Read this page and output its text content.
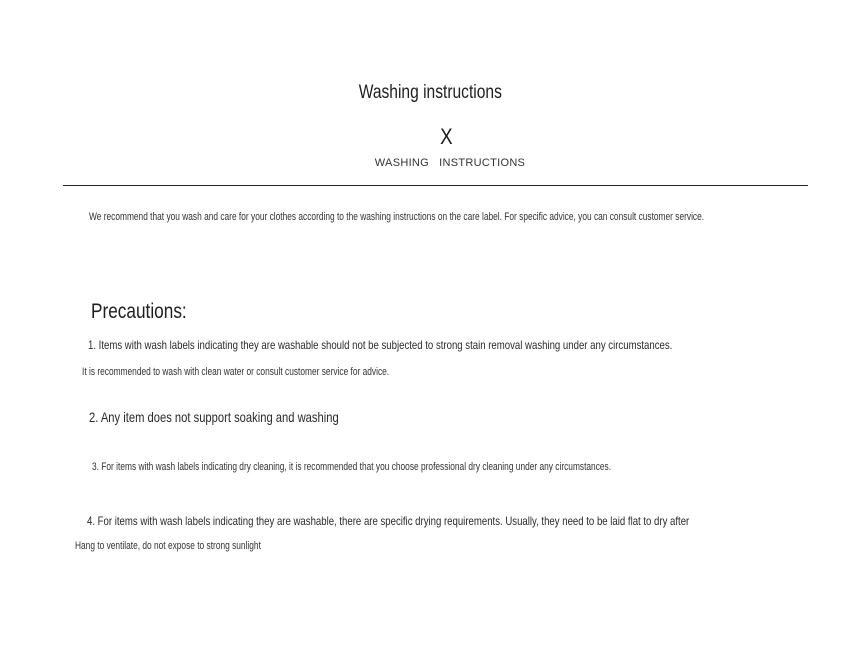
Washing instructions
X
WASHING   INSTRUCTIONS
We recommend that you wash and care for your clothes according to the washing instructions on the care label. For specific advice, you can consult customer service.
Precautions:
1. Items with wash labels indicating they are washable should not be subjected to strong stain removal washing under any circumstances.
It is recommended to wash with clean water or consult customer service for advice.
2. Any item does not support soaking and washing
3. For items with wash labels indicating dry cleaning, it is recommended that you choose professional dry cleaning under any circumstances.
4. For items with wash labels indicating they are washable, there are specific drying requirements. Usually, they need to be laid flat to dry after
Hang to ventilate, do not expose to strong sunlight
